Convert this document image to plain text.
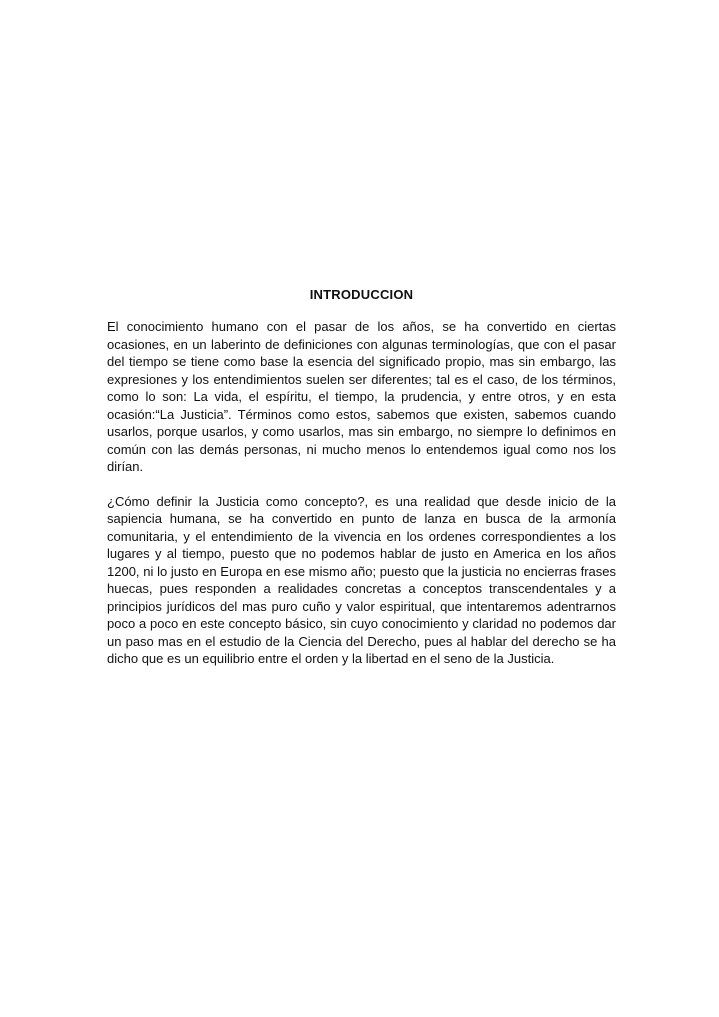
INTRODUCCION

El conocimiento humano con el pasar de los años, se ha convertido en ciertas ocasiones, en un laberinto de definiciones con algunas terminologías, que con el pasar del tiempo se tiene como base la esencia del significado propio, mas sin embargo, las expresiones y los entendimientos suelen ser diferentes; tal es el caso, de los términos, como lo son: La vida, el espíritu, el tiempo, la prudencia, y entre otros, y en esta ocasión:“La Justicia”. Términos como estos, sabemos que existen, sabemos cuando usarlos, porque usarlos, y como usarlos, mas sin embargo, no siempre lo definimos en común con las demás personas, ni mucho menos lo entendemos igual como nos los dirían.

¿Cómo definir la Justicia como concepto?, es una realidad que desde inicio de la sapiencia humana, se ha convertido en punto de lanza en busca de la armonía comunitaria, y el entendimiento de la vivencia en los ordenes correspondientes a los lugares y al tiempo, puesto que no podemos hablar de justo en America en los años 1200, ni lo justo en Europa en ese mismo año; puesto que la justicia no encierras frases huecas, pues responden a realidades concretas a conceptos transcendentales y a principios jurídicos del mas puro cuño y valor espiritual, que intentaremos adentrarnos poco a poco en este concepto básico, sin cuyo conocimiento y claridad no podemos dar un paso mas en el estudio de la Ciencia del Derecho, pues al hablar del derecho se ha dicho que es un equilibrio entre el orden y la libertad en el seno de la Justicia.
